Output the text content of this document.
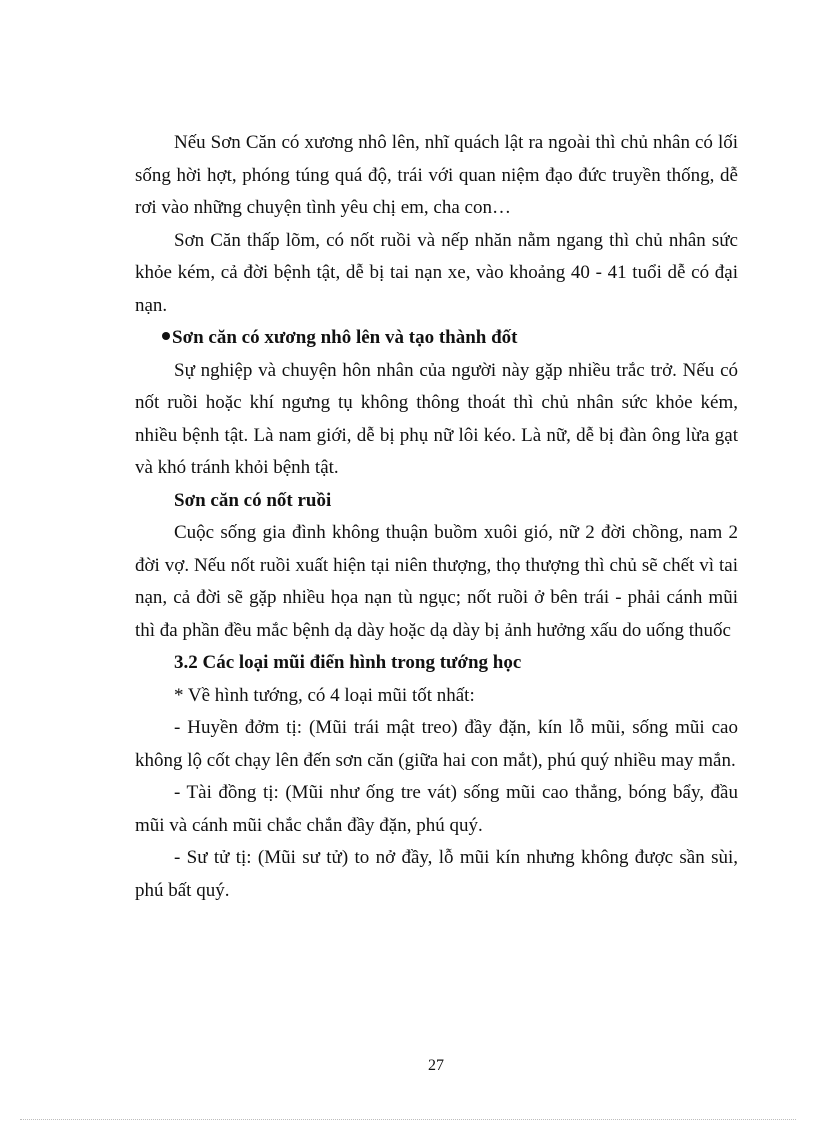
Nếu Sơn Căn có xương nhô lên, nhĩ quách lật ra ngoài thì chủ nhân có lối sống hời hợt, phóng túng quá độ, trái với quan niệm đạo đức truyền thống, dễ rơi vào những chuyện tình yêu chị em, cha con…

Sơn Căn thấp lõm, có nốt ruồi và nếp nhăn nằm ngang thì chủ nhân sức khỏe kém, cả đời bệnh tật, dễ bị tai nạn xe, vào khoảng 40 - 41 tuổi dễ có đại nạn.

Sơn căn có xương nhô lên và tạo thành đốt

Sự nghiệp và chuyện hôn nhân của người này gặp nhiều trắc trở. Nếu có nốt ruồi hoặc khí ngưng tụ không thông thoát thì chủ nhân sức khỏe kém, nhiều bệnh tật. Là nam giới, dễ bị phụ nữ lôi kéo. Là nữ, dễ bị đàn ông lừa gạt và khó tránh khỏi bệnh tật.

Sơn căn có nốt ruồi

Cuộc sống gia đình không thuận buồm xuôi gió, nữ 2 đời chồng, nam 2 đời vợ. Nếu nốt ruồi xuất hiện tại niên thượng, thọ thượng thì chủ sẽ chết vì tai nạn, cả đời sẽ gặp nhiều họa nạn tù ngục; nốt ruồi ở bên trái - phải cánh mũi thì đa phần đều mắc bệnh dạ dày hoặc dạ dày bị ảnh hưởng xấu do uống thuốc

3.2 Các loại mũi điển hình trong tướng học

* Về hình tướng, có 4 loại mũi tốt nhất:

- Huyền đởm tị: (Mũi trái mật treo) đầy đặn, kín lỗ mũi, sống mũi cao không lộ cốt chạy lên đến sơn căn (giữa hai con mắt), phú quý nhiều may mắn.

- Tài đồng tị: (Mũi như ống tre vát) sống mũi cao thẳng, bóng bẩy, đầu mũi và cánh mũi chắc chắn đầy đặn, phú quý.

- Sư tử tị: (Mũi sư tử) to nở đầy, lỗ mũi kín nhưng không được sần sùi, phú bất quý.

27
